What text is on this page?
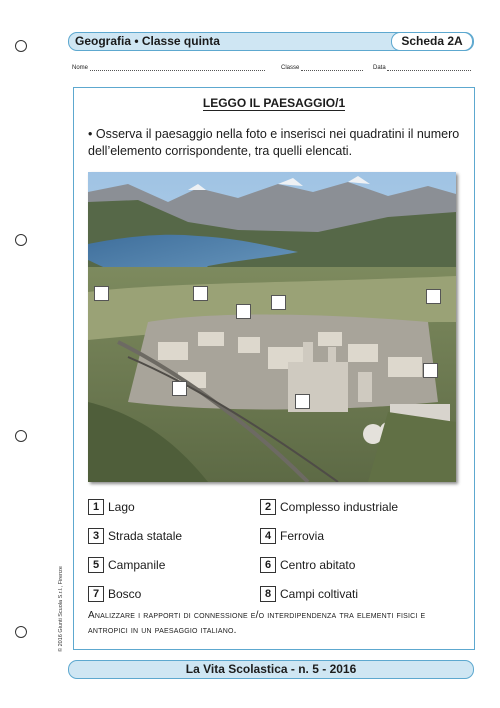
Geografia • Classe quinta	Scheda 2A
Nome	Classe	Data
LEGGO IL PAESAGGIO/1
• Osserva il paesaggio nella foto e inserisci nei quadratini il numero dell’elemento corrispondente, tra quelli elencati.
1 Lago	2 Complesso industriale
3 Strada statale	4 Ferrovia
5 Campanile	6 Centro abitato
7 Bosco	8 Campi coltivati
Analizzare i rapporti di connessione e/o interdipendenza tra elementi fisici e antropici in un paesaggio italiano.
© 2016 Giunti Scuola S.r.l., Firenze
La Vita Scolastica - n. 5 - 2016
